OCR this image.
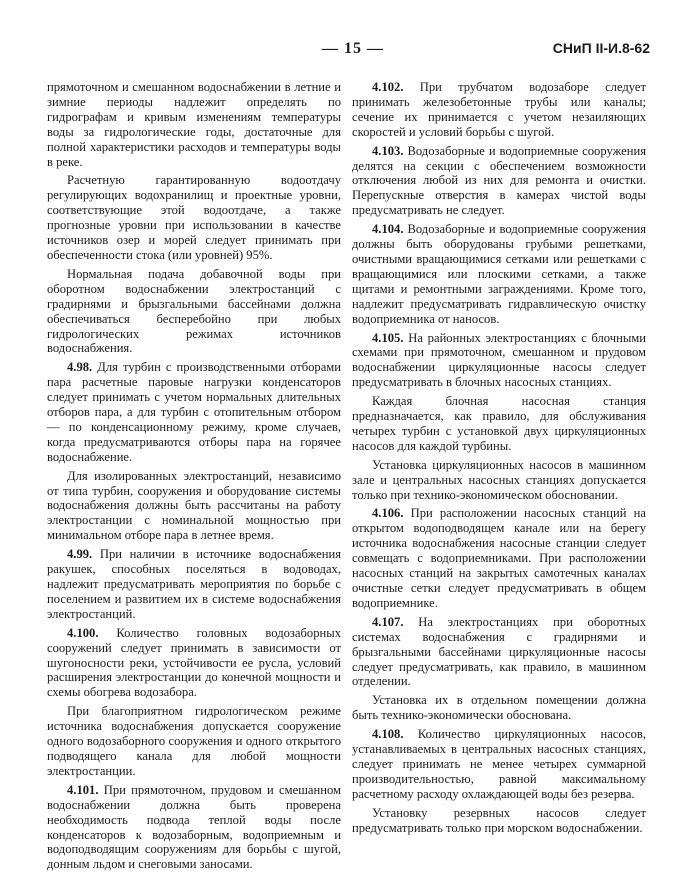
— 15 —	СНиП II-И.8-62

прямоточном и смешанном водоснабжении в летние и зимние периоды надлежит определять по гидрографам и кривым изменениям температуры воды за гидрологические годы, достаточные для полной характеристики расходов и температуры воды в реке.

Расчетную гарантированную водоотдачу регулирующих водохранилищ и проектные уровни, соответствующие этой водоотдаче, а также прогнозные уровни при использовании в качестве источников озер и морей следует принимать при обеспеченности стока (или уровней) 95%.

Нормальная подача добавочной воды при оборотном водоснабжении электростанций с градирнями и брызгальными бассейнами должна обеспечиваться бесперебойно при любых гидрологических режимах источников водоснабжения.

4.98. Для турбин с производственными отборами пара расчетные паровые нагрузки конденсаторов следует принимать с учетом нормальных длительных отборов пара, а для турбин с отопительным отбором — по конденсационному режиму, кроме случаев, когда предусматриваются отборы пара на горячее водоснабжение.

Для изолированных электростанций, независимо от типа турбин, сооружения и оборудование системы водоснабжения должны быть рассчитаны на работу электростанции с номинальной мощностью при минимальном отборе пара в летнее время.

4.99. При наличии в источнике водоснабжения ракушек, способных поселяться в водоводах, надлежит предусматривать мероприятия по борьбе с поселением и развитием их в системе водоснабжения электростанций.

4.100. Количество головных водозаборных сооружений следует принимать в зависимости от шугоносности реки, устойчивости ее русла, условий расширения электростанции до конечной мощности и схемы обогрева водозабора.

При благоприятном гидрологическом режиме источника водоснабжения допускается сооружение одного водозаборного сооружения и одного открытого подводящего канала для любой мощности электростанции.

4.101. При прямоточном, прудовом и смешанном водоснабжении должна быть проверена необходимость подвода теплой воды после конденсаторов к водозаборным, водоприемным и водоподводящим сооружениям для борьбы с шугой, донным льдом и снеговыми заносами.

4.102. При трубчатом водозаборе следует принимать железобетонные трубы или каналы; сечение их принимается с учетом незаиляющих скоростей и условий борьбы с шугой.

4.103. Водозаборные и водоприемные сооружения делятся на секции с обеспечением возможности отключения любой из них для ремонта и очистки. Перепускные отверстия в камерах чистой воды предусматривать не следует.

4.104. Водозаборные и водоприемные сооружения должны быть оборудованы грубыми решетками, очистными вращающимися сетками или решетками с вращающимися или плоскими сетками, а также щитами и ремонтными заграждениями. Кроме того, надлежит предусматривать гидравлическую очистку водоприемника от наносов.

4.105. На районных электростанциях с блочными схемами при прямоточном, смешанном и прудовом водоснабжении циркуляционные насосы следует предусматривать в блочных насосных станциях.

Каждая блочная насосная станция предназначается, как правило, для обслуживания четырех турбин с установкой двух циркуляционных насосов для каждой турбины.

Установка циркуляционных насосов в машинном зале и центральных насосных станциях допускается только при технико-экономическом обосновании.

4.106. При расположении насосных станций на открытом водоподводящем канале или на берегу источника водоснабжения насосные станции следует совмещать с водоприемниками. При расположении насосных станций на закрытых самотечных каналах очистные сетки следует предусматривать в общем водоприемнике.

4.107. На электростанциях при оборотных системах водоснабжения с градирнями и брызгальными бассейнами циркуляционные насосы следует предусматривать, как правило, в машинном отделении.

Установка их в отдельном помещении должна быть технико-экономически обоснована.

4.108. Количество циркуляционных насосов, устанавливаемых в центральных насосных станциях, следует принимать не менее четырех суммарной производительностью, равной максимальному расчетному расходу охлаждающей воды без резерва.

Установку резервных насосов следует предусматривать только при морском водоснабжении.
